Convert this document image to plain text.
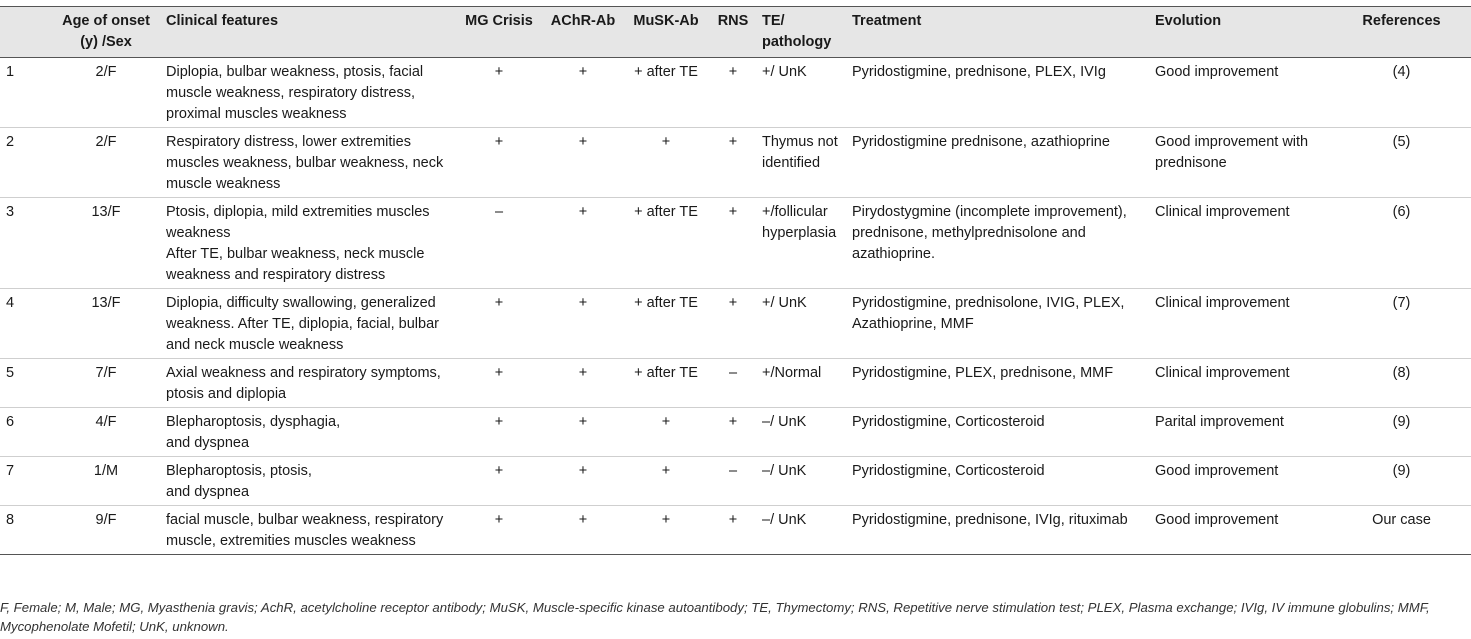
	Age of onset (y) /Sex	Clinical features	MG Crisis	AChR-Ab	MuSK-Ab	RNS	TE/ pathology	Treatment	Evolution	References
1	2/F	Diplopia, bulbar weakness, ptosis, facial muscle weakness, respiratory distress, proximal muscles weakness	+	+	+ after TE	+	+/ UnK	Pyridostigmine, prednisone, PLEX, IVIg	Good improvement	(4)
2	2/F	Respiratory distress, lower extremities muscles weakness, bulbar weakness, neck muscle weakness	+	+	+	+	Thymus not identified	Pyridostigmine prednisone, azathioprine	Good improvement with prednisone	(5)
3	13/F	Ptosis, diplopia, mild extremities muscles weakness
After TE, bulbar weakness, neck muscle weakness and respiratory distress	–	+	+ after TE	+	+/follicular hyperplasia	Pirydostygmine (incomplete improvement), prednisone, methylprednisolone and azathioprine.	Clinical improvement	(6)
4	13/F	Diplopia, difficulty swallowing, generalized weakness. After TE, diplopia, facial, bulbar and neck muscle weakness	+	+	+ after TE	+	+/ UnK	Pyridostigmine, prednisolone, IVIG, PLEX, Azathioprine, MMF	Clinical improvement	(7)
5	7/F	Axial weakness and respiratory symptoms, ptosis and diplopia	+	+	+ after TE	–	+/Normal	Pyridostigmine, PLEX, prednisone, MMF	Clinical improvement	(8)
6	4/F	Blepharoptosis, dysphagia,
and dyspnea	+	+	+	+	–/ UnK	Pyridostigmine, Corticosteroid	Parital improvement	(9)
7	1/M	Blepharoptosis, ptosis,
and dyspnea	+	+	+	–	–/ UnK	Pyridostigmine, Corticosteroid	Good improvement	(9)
8	9/F	facial muscle, bulbar weakness, respiratory muscle, extremities muscles weakness	+	+	+	+	–/ UnK	Pyridostigmine, prednisone, IVIg, rituximab	Good improvement	Our case
F, Female; M, Male; MG, Myasthenia gravis; AchR, acetylcholine receptor antibody; MuSK, Muscle-specific kinase autoantibody; TE, Thymectomy; RNS, Repetitive nerve stimulation test; PLEX, Plasma exchange; IVIg, IV immune globulins; MMF, Mycophenolate Mofetil; UnK, unknown.
